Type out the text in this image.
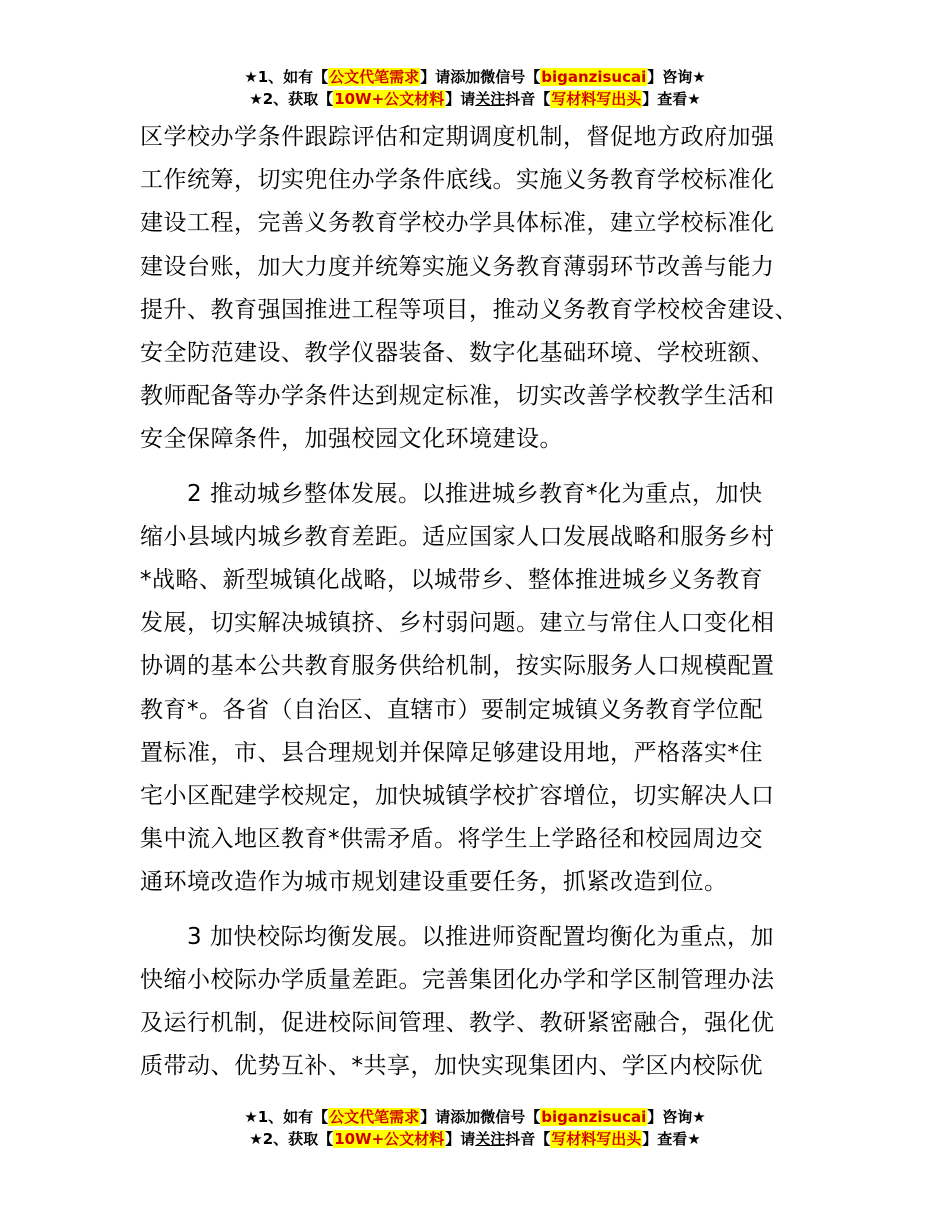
★1、如有【公文代笔需求】请添加微信号【biganzisucai】咨询★
★2、获取【10W+公文材料】请关注抖音【写材料写出头】查看★
区学校办学条件跟踪评估和定期调度机制，督促地方政府加强
工作统筹，切实兜住办学条件底线。实施义务教育学校标准化
建设工程，完善义务教育学校办学具体标准，建立学校标准化
建设台账，加大力度并统筹实施义务教育薄弱环节改善与能力
提升、教育强国推进工程等项目，推动义务教育学校校舍建设、
安全防范建设、教学仪器装备、数字化基础环境、学校班额、
教师配备等办学条件达到规定标准，切实改善学校教学生活和
安全保障条件，加强校园文化环境建设。
2 推动城乡整体发展。以推进城乡教育*化为重点，加快
缩小县域内城乡教育差距。适应国家人口发展战略和服务乡村
*战略、新型城镇化战略，以城带乡、整体推进城乡义务教育
发展，切实解决城镇挤、乡村弱问题。建立与常住人口变化相
协调的基本公共教育服务供给机制，按实际服务人口规模配置
教育*。各省（自治区、直辖市）要制定城镇义务教育学位配
置标准，市、县合理规划并保障足够建设用地，严格落实*住
宅小区配建学校规定，加快城镇学校扩容增位，切实解决人口
集中流入地区教育*供需矛盾。将学生上学路径和校园周边交
通环境改造作为城市规划建设重要任务，抓紧改造到位。
3 加快校际均衡发展。以推进师资配置均衡化为重点，加
快缩小校际办学质量差距。完善集团化办学和学区制管理办法
及运行机制，促进校际间管理、教学、教研紧密融合，强化优
质带动、优势互补、*共享，加快实现集团内、学区内校际优
★1、如有【公文代笔需求】请添加微信号【biganzisucai】咨询★
★2、获取【10W+公文材料】请关注抖音【写材料写出头】查看★
